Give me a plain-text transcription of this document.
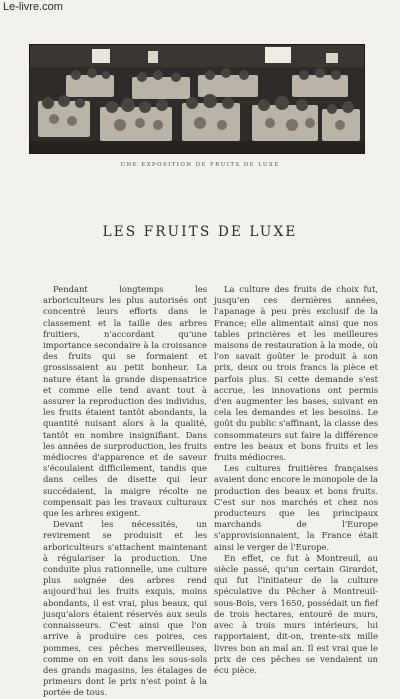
Le-livre.com
UNE EXPOSITION DE FRUITS DE LUXE
LES FRUITS DE LUXE

Pendant longtemps les arboriculteurs les plus autorisés ont concentré leurs efforts dans le classement et la taille des arbres fruitiers, n'accordant qu'une importance secondaire à la croissance des fruits qui se formaient et grossissaient au petit bonheur. La nature étant la grande dispensatrice et comme elle tend avant tout à assurer la reproduction des individus, les fruits étaient tantôt abondants, la quantité nuisant alors à la qualité, tantôt en nombre insignifiant. Dans les années de surproduction, les fruits médiocres d'apparence et de saveur s'écoulaient difficilement, tandis que dans celles de disette qui leur succédaient, la maigre récolte ne compensait pas les travaux culturaux que les arbres exigent.

Devant les nécessités, un revirement se produisit et les arboriculteurs s'attachent maintenant à régulariser la production. Une conduite plus rationnelle, une culture plus soignée des arbres rend aujourd'hui les fruits exquis, moins abondants, il est vrai, plus beaux, qui jusqu'alors étaient réservés aux seuls connaisseurs. C'est ainsi que l'on arrive à produire ces poires, ces pommes, ces pêches merveilleuses, comme on en voit dans les sous-sols des grands magasins, les étalages de primeurs dont le prix n'est point à la portée de tous.

La culture des fruits de choix fut, jusqu'en ces dernières années, l'apanage à peu près exclusif de la France; elle alimentait ainsi que nos tables princières et les meilleures maisons de restauration à la mode, où l'on savait goûter le produit à son prix, deux ou trois francs la pièce et parfois plus. Si cette demande s'est accrue, les innovations ont permis d'en augmenter les bases, suivant en cela les demandes et les besoins. Le goût du public s'affinant, la classe des consommateurs sut faire la différence entre les beaux et bons fruits et les fruits médiocres.

Les cultures fruitières françaises avaient donc encore le monopole de la production des beaux et bons fruits. C'est sur nos marchés et chez nos producteurs que les principaux marchands de l'Europe s'approvisionnaient, la France était ainsi le verger de l'Europe.

En effet, ce fut à Montreuil, au siècle passé, qu'un certain Girardot, qui fut l'initiateur de la culture spéculative du Pêcher à Montreuil-sous-Bois, vers 1650, possédait un fief de trois hectares, entouré de murs, avec à trois murs intérieurs, lui rapportaient, dit-on, trente-six mille livres bon an mal an. Il est vrai que le prix de ces pêches se vendaient un écu pièce.
